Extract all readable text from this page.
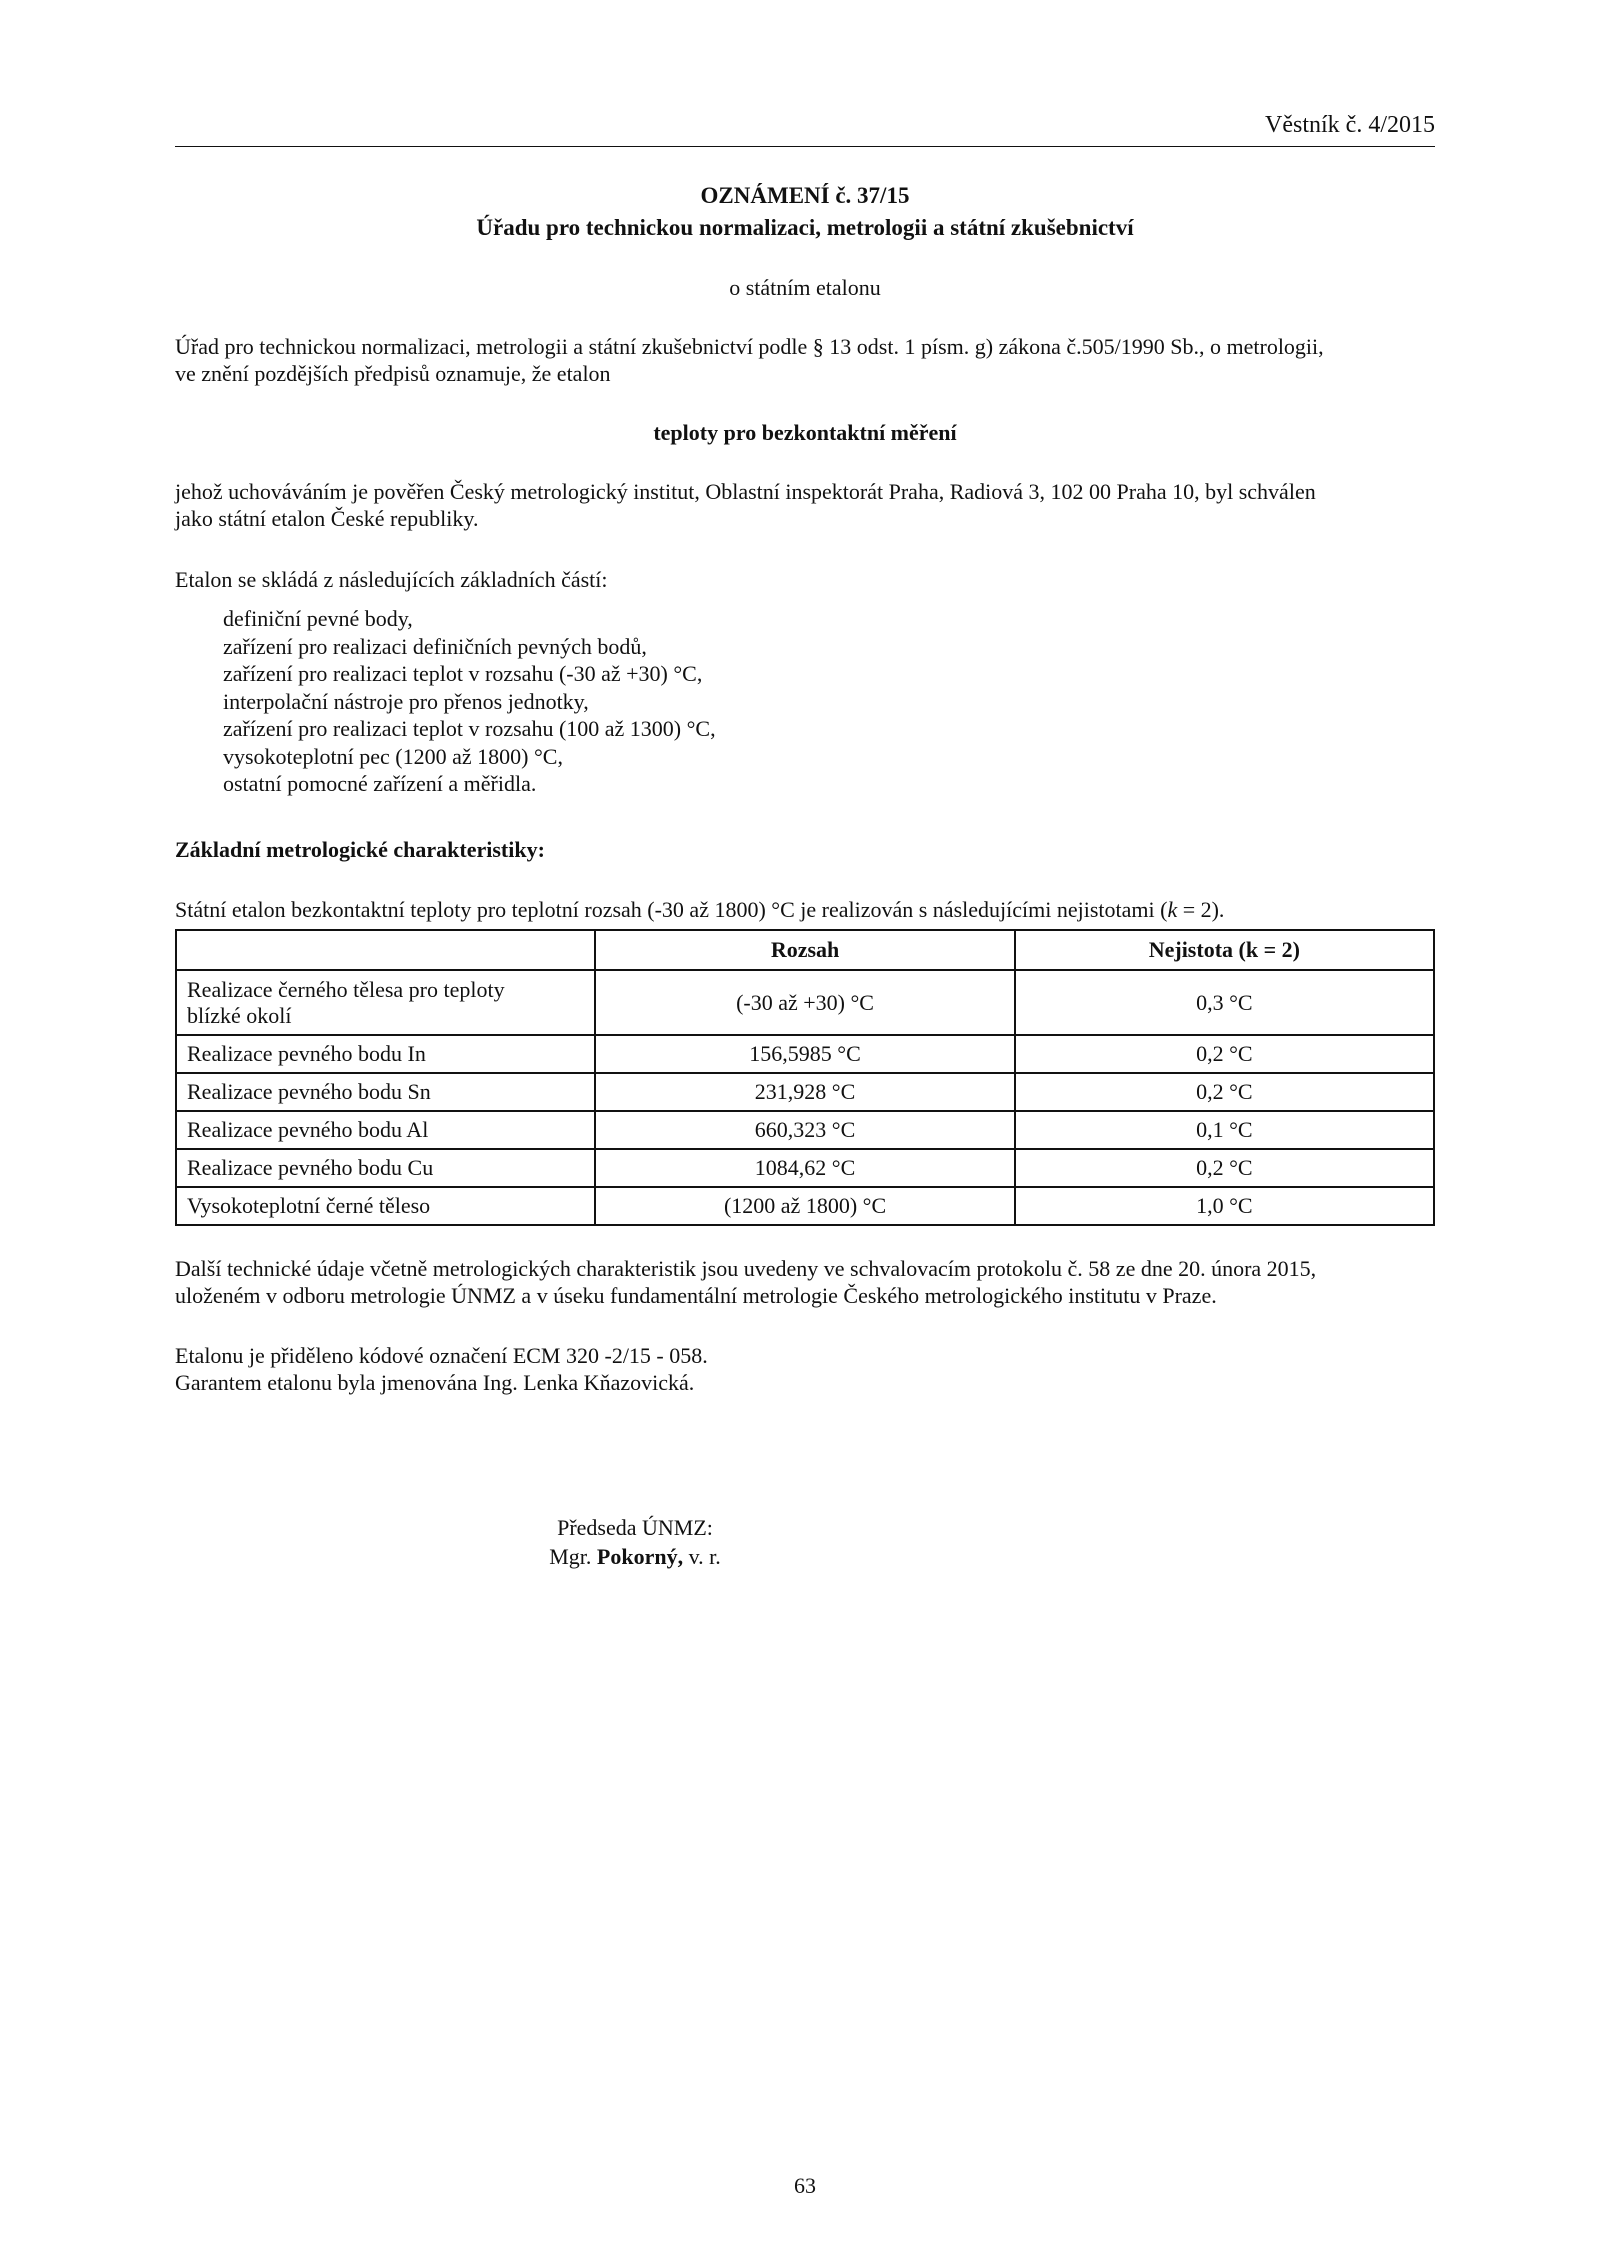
Věstník č. 4/2015
OZNÁMENÍ č. 37/15
Úřadu pro technickou normalizaci, metrologii a státní zkušebnictví
o státním etalonu
Úřad pro technickou normalizaci, metrologii a státní zkušebnictví podle § 13 odst. 1 písm. g) zákona č.505/1990 Sb., o metrologii,
ve znění pozdějších předpisů oznamuje, že etalon
teploty pro bezkontaktní měření
jehož uchováváním je pověřen Český metrologický institut, Oblastní inspektorát Praha, Radiová 3, 102 00 Praha 10, byl schválen
jako státní etalon České republiky.
Etalon se skládá z následujících základních částí:
definiční pevné body,
zařízení pro realizaci definičních pevných bodů,
zařízení pro realizaci teplot v rozsahu (-30 až +30) °C,
interpolační nástroje pro přenos jednotky,
zařízení pro realizaci teplot v rozsahu (100 až 1300) °C,
vysokoteplotní pec (1200 až 1800) °C,
ostatní pomocné zařízení a měřidla.
Základní metrologické charakteristiky:
Státní etalon bezkontaktní teploty pro teplotní rozsah (-30 až 1800) °C je realizován s následujícími nejistotami (k = 2).
	Rozsah	Nejistota (k = 2)

Realizace černého tělesa pro teploty
blízké okolí	(-30 až +30) °C	0,3 °C
Realizace pevného bodu In	156,5985 °C	0,2 °C
Realizace pevného bodu Sn	231,928 °C	0,2 °C
Realizace pevného bodu Al	660,323 °C	0,1 °C
Realizace pevného bodu Cu	1084,62 °C	0,2 °C
Vysokoteplotní černé těleso	(1200 až 1800) °C	1,0 °C
Další technické údaje včetně metrologických charakteristik jsou uvedeny ve schvalovacím protokolu č. 58 ze dne 20. února 2015,
uloženém v odboru metrologie ÚNMZ a v úseku fundamentální metrologie Českého metrologického institutu v Praze.
Etalonu je přiděleno kódové označení ECM 320 -2/15 - 058.
Garantem etalonu byla jmenována Ing. Lenka Kňazovická.
Předseda ÚNMZ:
Mgr. Pokorný, v. r.
63
